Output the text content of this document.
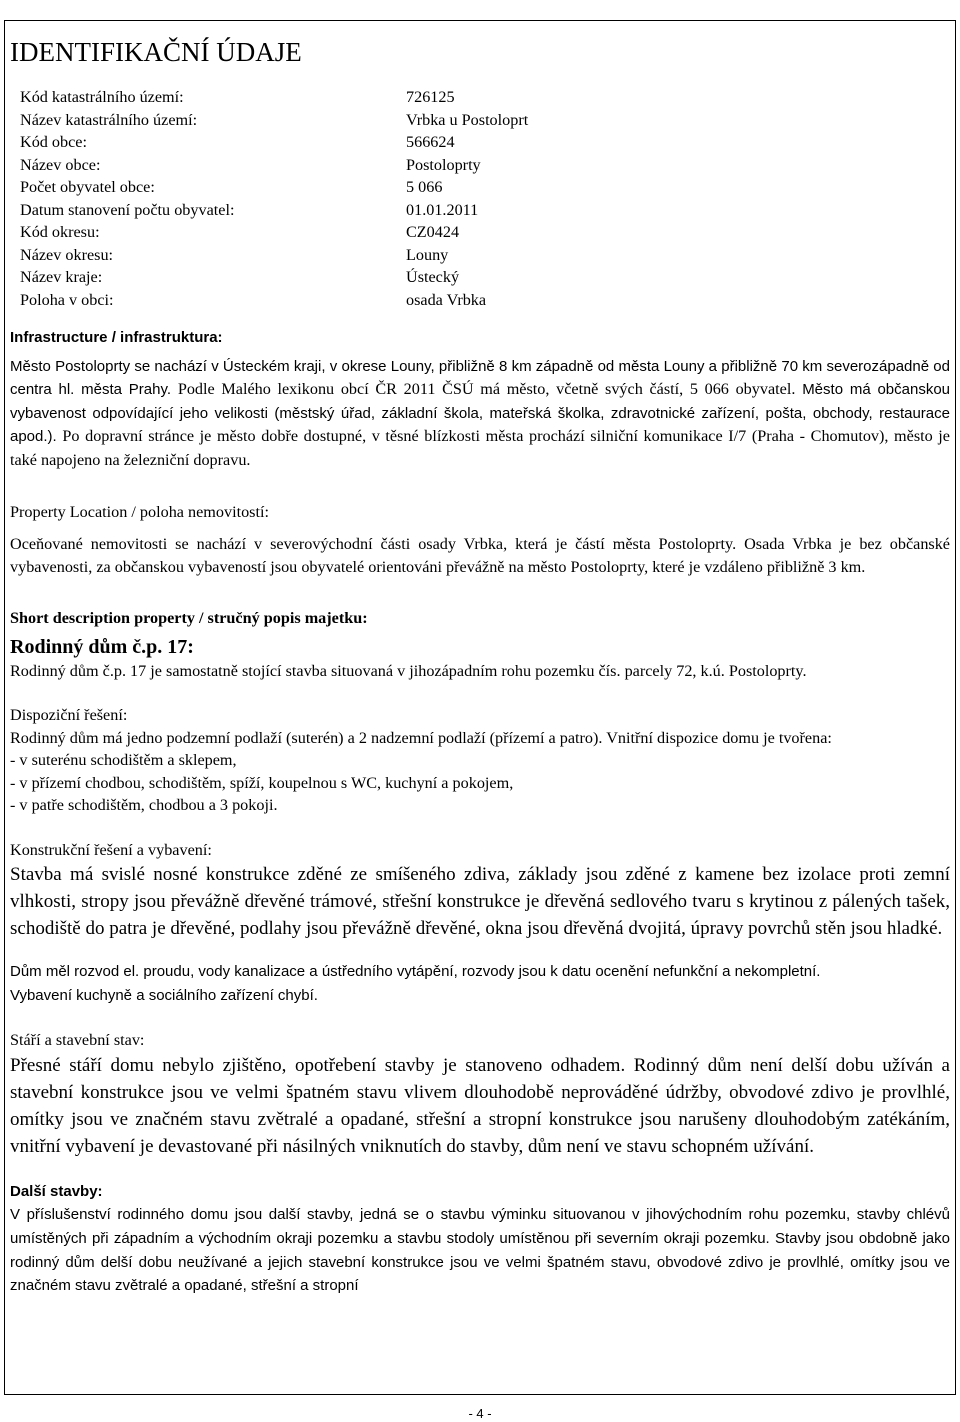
IDENTIFIKAČNÍ ÚDAJE
Kód katastrálního území:	726125
Název katastrálního území:	Vrbka u Postoloprt
Kód obce:	566624
Název obce:	Postoloprty
Počet obyvatel obce:	5 066
Datum stanovení počtu obyvatel:	01.01.2011
Kód okresu:	CZ0424
Název okresu:	Louny
Název kraje:	Ústecký
Poloha v obci:	osada Vrbka
Infrastructure / infrastruktura:

Město Postoloprty se nachází v Ústeckém kraji, v okrese Louny, přibližně 8 km západně od města Louny a přibližně 70 km severozápadně od centra hl. města Prahy. Podle Malého lexikonu obcí ČR 2011 ČSÚ má město, včetně svých částí, 5 066 obyvatel. Město má občanskou vybavenost odpovídající jeho velikosti (městský úřad, základní škola, mateřská školka, zdravotnické zařízení, pošta, obchody, restaurace apod.). Po dopravní stránce je město dobře dostupné, v těsné blízkosti města prochází silniční komunikace I/7 (Praha - Chomutov), město je také napojeno na železniční dopravu.

Property Location / poloha nemovitostí:

Oceňované nemovitosti se nachází v severovýchodní části osady Vrbka, která je částí města Postoloprty. Osada Vrbka je bez občanské vybavenosti, za občanskou vybaveností jsou obyvatelé orientováni převážně na město Postoloprty, které je vzdáleno přibližně 3 km.

Short description property / stručný popis majetku:
Rodinný dům č.p. 17:

Rodinný dům č.p. 17 je samostatně stojící stavba situovaná v jihozápadním rohu pozemku čís. parcely 72, k.ú. Postoloprty.

Dispoziční řešení:

Rodinný dům má jedno podzemní podlaží (suterén) a 2 nadzemní podlaží (přízemí a patro). Vnitřní dispozice domu je tvořena:

- v suterénu schodištěm a sklepem,
- v přízemí chodbou, schodištěm, spíží, koupelnou s WC, kuchyní a pokojem,
- v patře schodištěm, chodbou a 3 pokoji.
Konstrukční řešení a vybavení:

Stavba má svislé nosné konstrukce zděné ze smíšeného zdiva, základy jsou zděné z kamene bez izolace proti zemní vlhkosti, stropy jsou převážně dřevěné trámové, střešní konstrukce je dřevěná sedlového tvaru s krytinou z pálených tašek, schodiště do patra je dřevěné, podlahy jsou převážně dřevěné, okna jsou dřevěná dvojitá, úpravy povrchů stěn jsou hladké.

Dům měl rozvod el. proudu, vody kanalizace a ústředního vytápění, rozvody jsou k datu ocenění nefunkční a nekompletní.
Vybavení kuchyně a sociálního zařízení chybí.

Stáří a stavební stav:

Přesné stáří domu nebylo zjištěno, opotřebení stavby je stanoveno odhadem. Rodinný dům není delší dobu užíván a stavební konstrukce jsou ve velmi špatném stavu vlivem dlouhodobě neprováděné údržby, obvodové zdivo je provlhlé, omítky jsou ve značném stavu zvětralé a opadané, střešní a stropní konstrukce jsou narušeny dlouhodobým zatékáním, vnitřní vybavení je devastované při násilných vniknutích do stavby, dům není ve stavu schopném užívání.

Další stavby:

V příslušenství rodinného domu jsou další stavby, jedná se o stavbu výminku situovanou v jihovýchodním rohu pozemku, stavby chlévů umístěných při západním a východním okraji pozemku a stavbu stodoly umístěnou při severním okraji pozemku. Stavby jsou obdobně jako rodinný dům delší dobu neužívané a jejich stavební konstrukce jsou ve velmi špatném stavu, obvodové zdivo je provlhlé, omítky jsou ve značném stavu zvětralé a opadané, střešní a stropní

- 4 -
